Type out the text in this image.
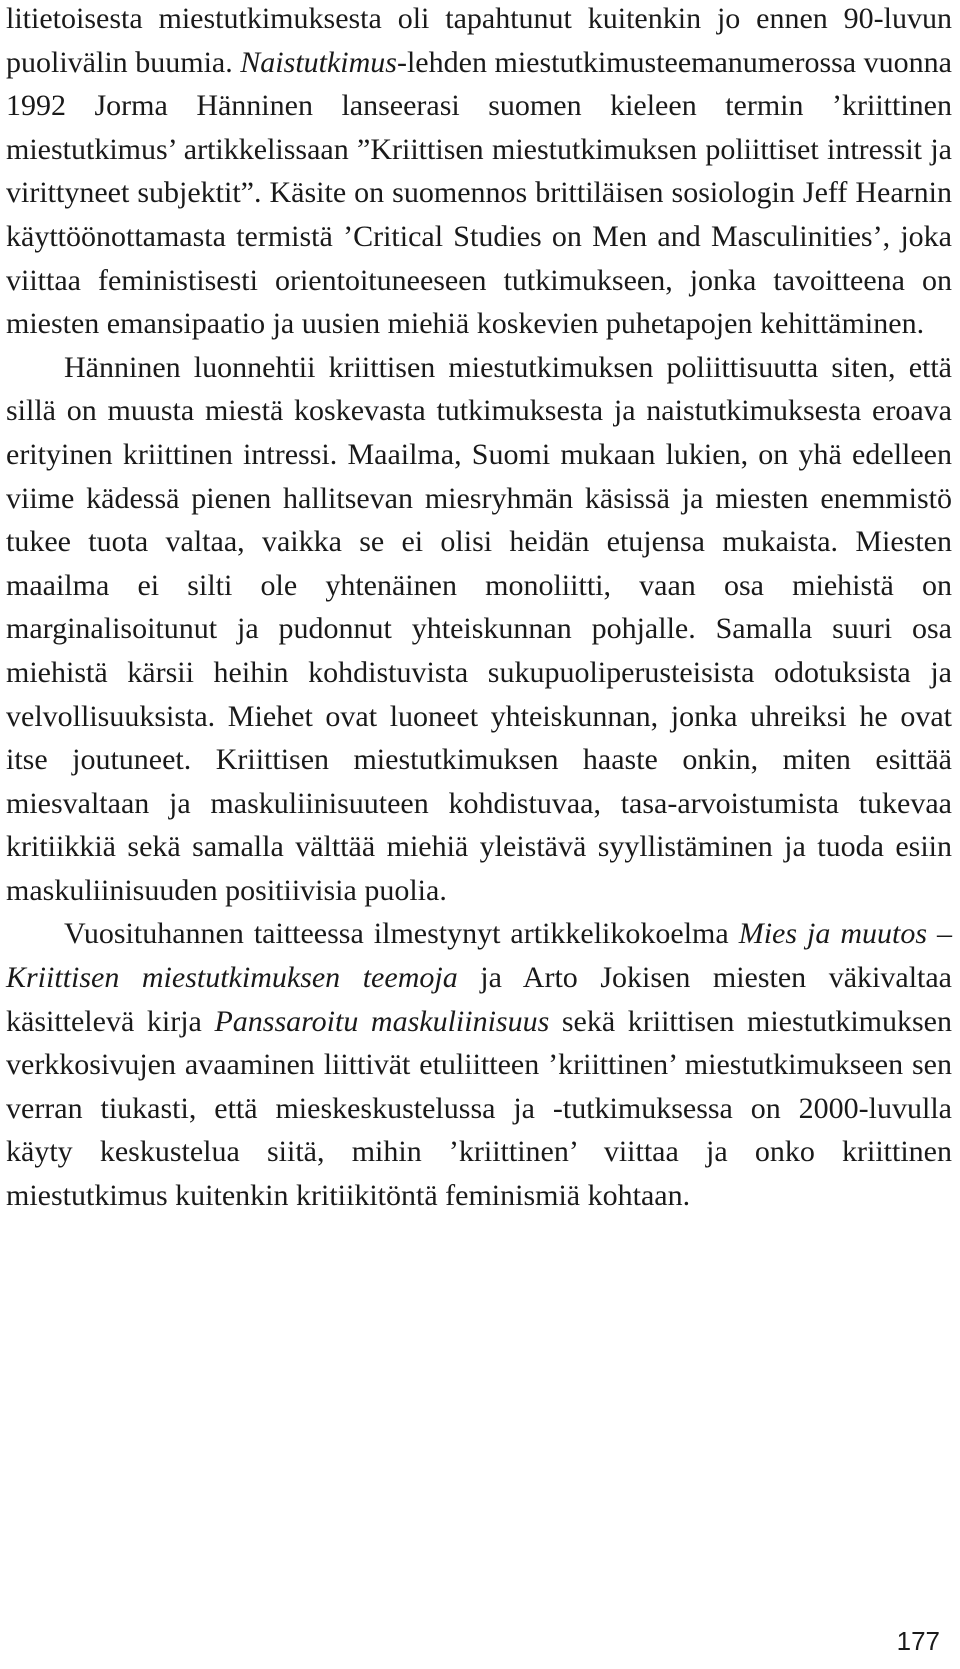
litietoisesta miestutkimuksesta oli tapahtunut kuitenkin jo ennen 90-luvun puolivälin buumia. Naistutkimus-lehden miestutkimusteemanumerossa vuonna 1992 Jorma Hänninen lanseerasi suomen kieleen termin ’kriittinen miestutkimus’ artikkelissaan ”Kriittisen miestutkimuksen poliittiset intressit ja virittyneet subjektit”. Käsite on suomennos brittiläisen sosiologin Jeff Hearnin käyttöönottamasta termistä ’Critical Studies on Men and Masculinities’, joka viittaa feministisesti orientoituneeseen tutkimukseen, jonka tavoitteena on miesten emansipaatio ja uusien miehiä koskevien puhetapojen kehittäminen.

Hänninen luonnehtii kriittisen miestutkimuksen poliittisuutta siten, että sillä on muusta miestä koskevasta tutkimuksesta ja naistutkimuksesta eroava erityinen kriittinen intressi. Maailma, Suomi mukaan lukien, on yhä edelleen viime kädessä pienen hallitsevan miesryhmän käsissä ja miesten enemmistö tukee tuota valtaa, vaikka se ei olisi heidän etujensa mukaista. Miesten maailma ei silti ole yhtenäinen monoliitti, vaan osa miehistä on marginalisoitunut ja pudonnut yhteiskunnan pohjalle. Samalla suuri osa miehistä kärsii heihin kohdistuvista sukupuoliperusteisista odotuksista ja velvollisuuksista. Miehet ovat luoneet yhteiskunnan, jonka uhreiksi he ovat itse joutuneet. Kriittisen miestutkimuksen haaste onkin, miten esittää miesvaltaan ja maskuliinisuuteen kohdistuvaa, tasa-arvoistumista tukevaa kritiikkiä sekä samalla välttää miehiä yleistävä syyllistäminen ja tuoda esiin maskuliinisuuden positiivisia puolia.

Vuosituhannen taitteessa ilmestynyt artikkelikokoelma Mies ja muutos – Kriittisen miestutkimuksen teemoja ja Arto Jokisen miesten väkivaltaa käsittelevä kirja Panssaroitu maskuliinisuus sekä kriittisen miestutkimuksen verkkosivujen avaaminen liittivät etuliitteen ’kriittinen’ miestutkimukseen sen verran tiukasti, että mieskeskustelussa ja -tutkimuksessa on 2000-luvulla käyty keskustelua siitä, mihin ’kriittinen’ viittaa ja onko kriittinen miestutkimus kuitenkin kritiikitöntä feminismiä kohtaan.

177
